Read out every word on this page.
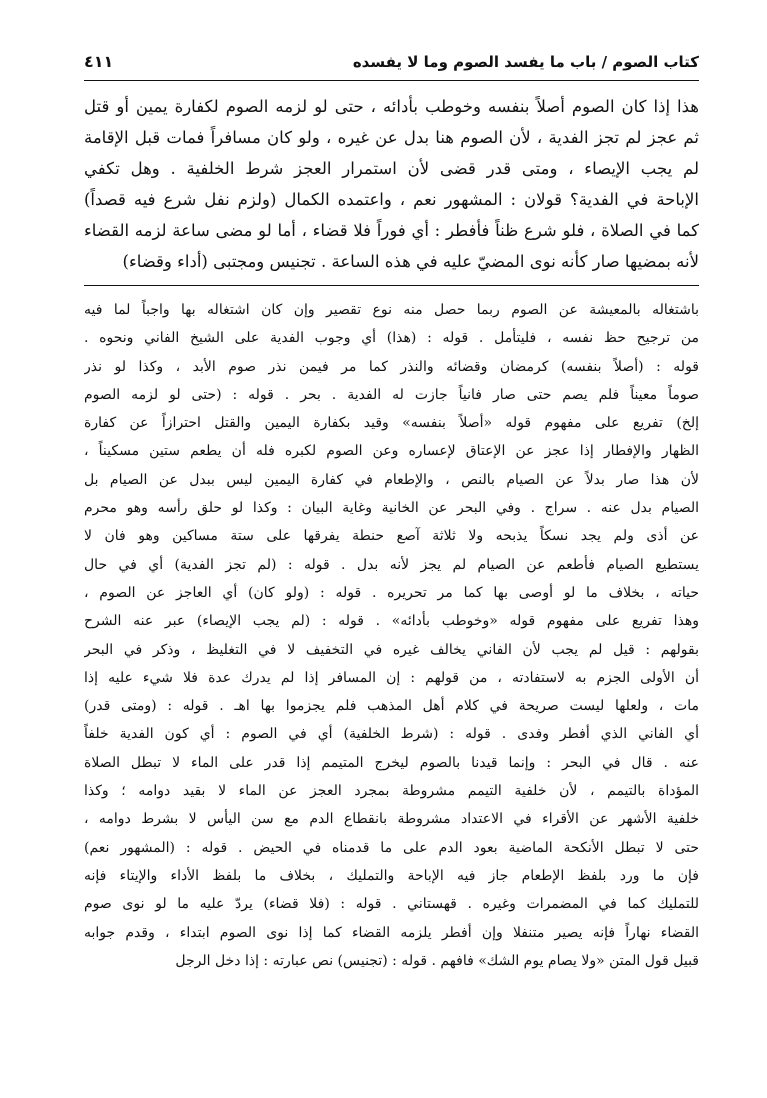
كتاب الصوم / باب ما يفسد الصوم وما لا يفسده
٤١١
هذا إذا كان الصوم أصلاً بنفسه وخوطب بأدائه ، حتى لو لزمه الصوم لكفارة يمين أو قتل
ثم عجز لم تجز الفدية ، لأن الصوم هنا بدل عن غيره ، ولو كان مسافراً فمات قبل الإقامة
لم يجب الإيصاء ، ومتى قدر قضى لأن استمرار العجز شرط الخلفية . وهل تكفي
الإباحة في الفدية؟ قولان : المشهور نعم ، واعتمده الكمال (ولزم نفل شرع فيه قصداً)
كما في الصلاة ، فلو شرع ظناً فأفطر : أي فوراً فلا قضاء ، أما لو مضى ساعة لزمه القضاء
لأنه بمضيها صار كأنه نوى المضيّ عليه في هذه الساعة . تجنيس ومجتبى (أداء وقضاء)
باشتغاله بالمعيشة عن الصوم ربما حصل منه نوع تقصير وإن كان اشتغاله بها واجباً لما فيه
من ترجيح حظ نفسه ، فليتأمل . قوله : (هذا) أي وجوب الفدية على الشيخ الفاني ونحوه .
قوله : (أصلاً بنفسه) كرمضان وقضائه والنذر كما مر فيمن نذر صوم الأبد ، وكذا لو نذر
صوماً معيناً فلم يصم حتى صار فانياً جازت له الفدية . بحر . قوله : (حتى لو لزمه الصوم
إلخ) تفريع على مفهوم قوله «أصلاً بنفسه» وقيد بكفارة اليمين والقتل احترازاً عن كفارة
الظهار والإفطار إذا عجز عن الإعتاق لإعساره وعن الصوم لكبره فله أن يطعم ستين مسكيناً ،
لأن هذا صار بدلاً عن الصيام بالنص ، والإطعام في كفارة اليمين ليس ببدل عن الصيام بل
الصيام بدل عنه . سراج . وفي البحر عن الخانية وغاية البيان : وكذا لو حلق رأسه وهو محرم
عن أذى ولم يجد نسكاً يذبحه ولا ثلاثة آصع حنطة يفرقها على ستة مساكين وهو فان لا
يستطيع الصيام فأطعم عن الصيام لم يجز لأنه بدل . قوله : (لم تجز الفدية) أي في حال
حياته ، بخلاف ما لو أوصى بها كما مر تحريره . قوله : (ولو كان) أي العاجز عن الصوم ،
وهذا تفريع على مفهوم قوله «وخوطب بأدائه» . قوله : (لم يجب الإيصاء) عبر عنه الشرح
بقولهم : قيل لم يجب لأن الفاني يخالف غيره في التخفيف لا في التغليظ ، وذكر في البحر
أن الأولى الجزم به لاستفادته ، من قولهم : إن المسافر إذا لم يدرك عدة فلا شيء عليه إذا
مات ، ولعلها ليست صريحة في كلام أهل المذهب فلم يجزموا بها اهـ . قوله : (ومتى قدر)
أي الفاني الذي أفطر وفدى . قوله : (شرط الخلفية) أي في الصوم : أي كون الفدية خلفاً
عنه . قال في البحر : وإنما قيدنا بالصوم ليخرج المتيمم إذا قدر على الماء لا تبطل الصلاة
المؤداة بالتيمم ، لأن خلفية التيمم مشروطة بمجرد العجز عن الماء لا بقيد دوامه ؛ وكذا
خلفية الأشهر عن الأقراء في الاعتداد مشروطة بانقطاع الدم مع سن اليأس لا بشرط دوامه ،
حتى لا تبطل الأنكحة الماضية بعود الدم على ما قدمناه في الحيض . قوله : (المشهور نعم)
فإن ما ورد بلفظ الإطعام جاز فيه الإباحة والتمليك ، بخلاف ما بلفظ الأداء والإيتاء فإنه
للتمليك كما في المضمرات وغيره . قهستاني . قوله : (فلا قضاء) يردّ عليه ما لو نوى صوم
القضاء نهاراً فإنه يصير متنفلا وإن أفطر يلزمه القضاء كما إذا نوى الصوم ابتداء ، وقدم جوابه
قبيل قول المتن «ولا يصام يوم الشك» فافهم . قوله : (تجنيس) نص عبارته : إذا دخل الرجل
